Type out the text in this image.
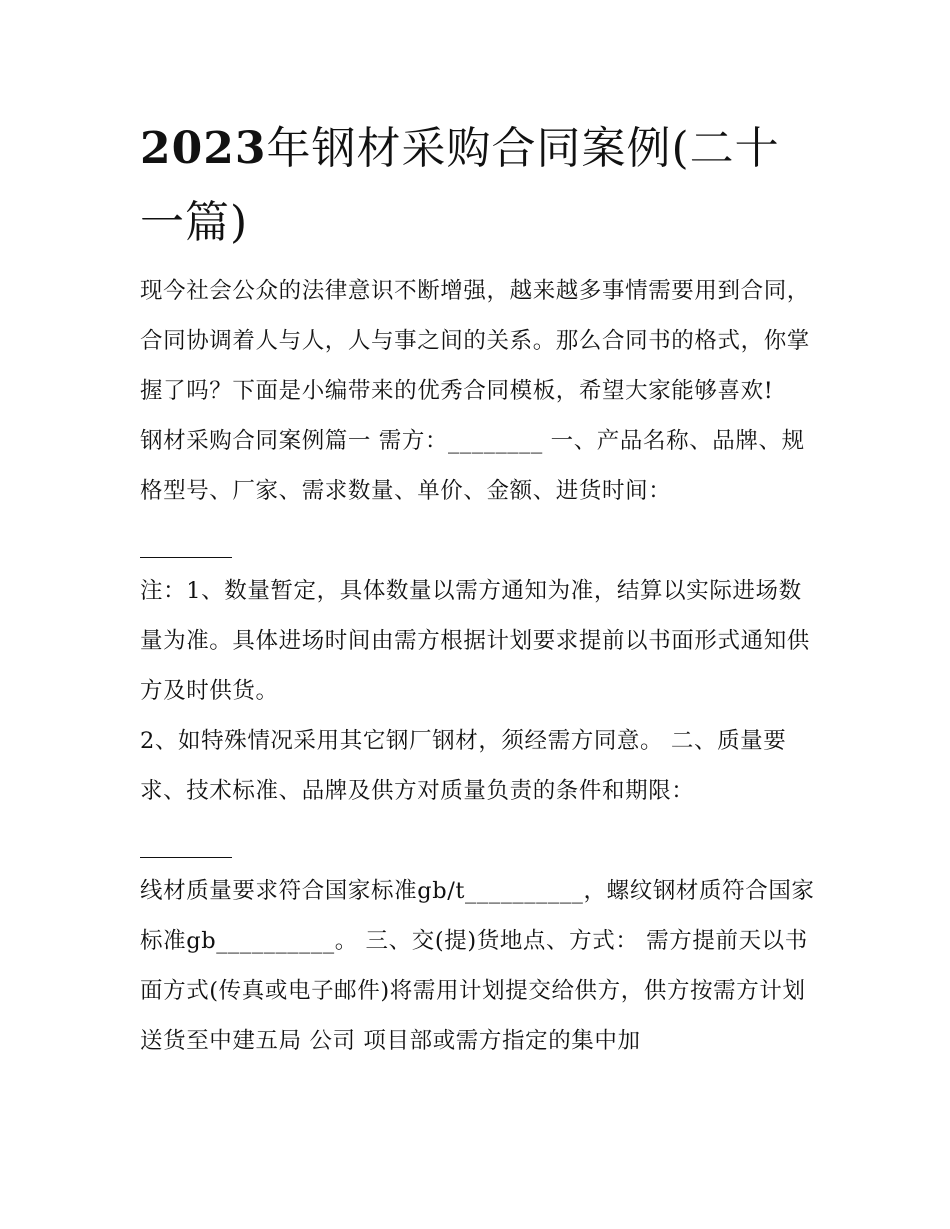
2023年钢材采购合同案例(二十一篇)

现今社会公众的法律意识不断增强，越来越多事情需要用到合同，合同协调着人与人，人与事之间的关系。那么合同书的格式，你掌握了吗？下面是小编带来的优秀合同模板，希望大家能够喜欢!

钢材采购合同案例篇一 需方：________ 一、产品名称、品牌、规格型号、厂家、需求数量、单价、金额、进货时间：

注：1、数量暂定，具体数量以需方通知为准，结算以实际进场数量为准。具体进场时间由需方根据计划要求提前以书面形式通知供方及时供货。

2、如特殊情况采用其它钢厂钢材，须经需方同意。 二、质量要求、技术标准、品牌及供方对质量负责的条件和期限：

线材质量要求符合国家标准gb/t__________，螺纹钢材质符合国家标准gb__________。 三、交(提)货地点、方式： 需方提前天以书面方式(传真或电子邮件)将需用计划提交给供方，供方按需方计划送货至中建五局 公司 项目部或需方指定的集中加
